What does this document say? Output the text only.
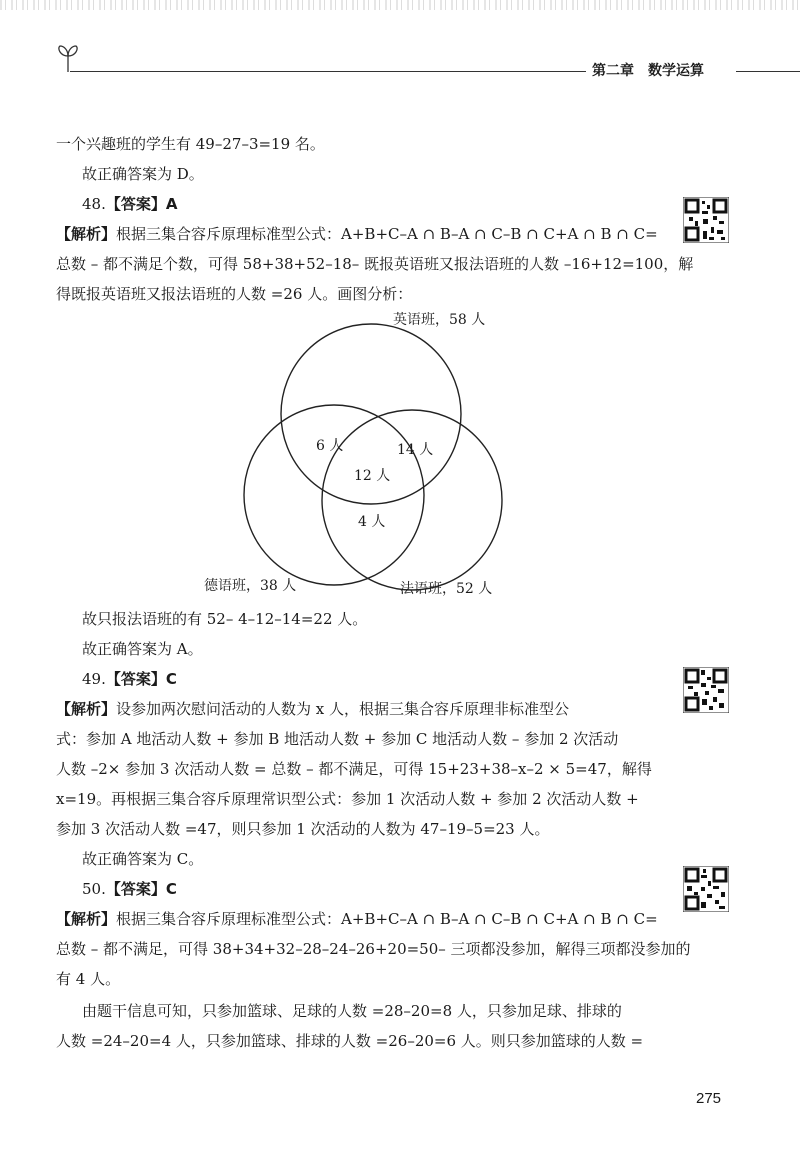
第二章　数学运算
一个兴趣班的学生有 49–27–3=19 名。
故正确答案为 D。
48.【答案】A
【解析】根据三集合容斥原理标准型公式：A+B+C–A ∩ B–A ∩ C–B ∩ C+A ∩ B ∩ C=
总数 – 都不满足个数，可得 58+38+52–18– 既报英语班又报法语班的人数 –16+12=100，解
得既报英语班又报法语班的人数 =26 人。画图分析：
英语班，58 人
德语班，38 人	法语班，52 人
6 人	14 人
12 人
4 人
故只报法语班的有 52– 4–12–14=22 人。
故正确答案为 A。
49.【答案】C
【解析】设参加两次慰问活动的人数为 x 人，根据三集合容斥原理非标准型公
式：参加 A 地活动人数 + 参加 B 地活动人数 + 参加 C 地活动人数 – 参加 2 次活动
人数 –2× 参加 3 次活动人数 = 总数 – 都不满足，可得 15+23+38–x–2 × 5=47，解得
x=19。再根据三集合容斥原理常识型公式：参加 1 次活动人数 + 参加 2 次活动人数 +
参加 3 次活动人数 =47，则只参加 1 次活动的人数为 47–19–5=23 人。
故正确答案为 C。
50.【答案】C
【解析】根据三集合容斥原理标准型公式：A+B+C–A ∩ B–A ∩ C–B ∩ C+A ∩ B ∩ C=
总数 – 都不满足，可得 38+34+32–28–24–26+20=50– 三项都没参加，解得三项都没参加的
有 4 人。
由题干信息可知，只参加篮球、足球的人数 =28–20=8 人，只参加足球、排球的
人数 =24–20=4 人，只参加篮球、排球的人数 =26–20=6 人。则只参加篮球的人数 =
275
